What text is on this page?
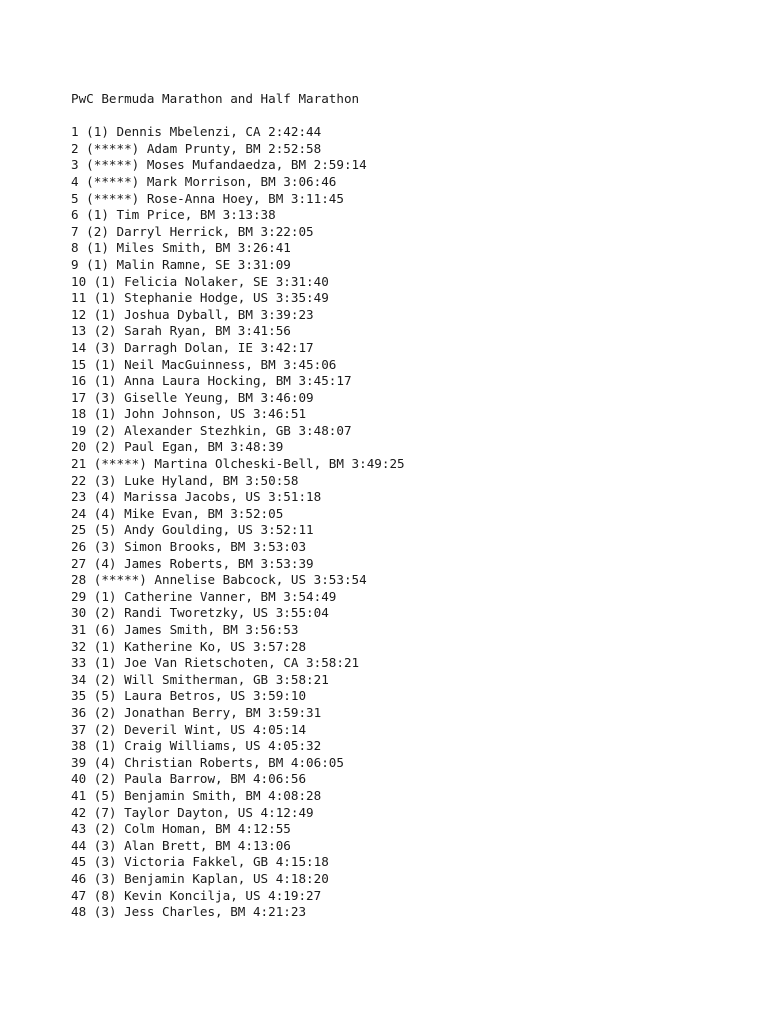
PwC Bermuda Marathon and Half Marathon
1 (1) Dennis Mbelenzi, CA 2:42:44
2 (*****) Adam Prunty, BM 2:52:58
3 (*****) Moses Mufandaedza, BM 2:59:14
4 (*****) Mark Morrison, BM 3:06:46
5 (*****) Rose-Anna Hoey, BM 3:11:45
6 (1) Tim Price, BM 3:13:38
7 (2) Darryl Herrick, BM 3:22:05
8 (1) Miles Smith, BM 3:26:41
9 (1) Malin Ramne, SE 3:31:09
10 (1) Felicia Nolaker, SE 3:31:40
11 (1) Stephanie Hodge, US 3:35:49
12 (1) Joshua Dyball, BM 3:39:23
13 (2) Sarah Ryan, BM 3:41:56
14 (3) Darragh Dolan, IE 3:42:17
15 (1) Neil MacGuinness, BM 3:45:06
16 (1) Anna Laura Hocking, BM 3:45:17
17 (3) Giselle Yeung, BM 3:46:09
18 (1) John Johnson, US 3:46:51
19 (2) Alexander Stezhkin, GB 3:48:07
20 (2) Paul Egan, BM 3:48:39
21 (*****) Martina Olcheski-Bell, BM 3:49:25
22 (3) Luke Hyland, BM 3:50:58
23 (4) Marissa Jacobs, US 3:51:18
24 (4) Mike Evan, BM 3:52:05
25 (5) Andy Goulding, US 3:52:11
26 (3) Simon Brooks, BM 3:53:03
27 (4) James Roberts, BM 3:53:39
28 (*****) Annelise Babcock, US 3:53:54
29 (1) Catherine Vanner, BM 3:54:49
30 (2) Randi Tworetzky, US 3:55:04
31 (6) James Smith, BM 3:56:53
32 (1) Katherine Ko, US 3:57:28
33 (1) Joe Van Rietschoten, CA 3:58:21
34 (2) Will Smitherman, GB 3:58:21
35 (5) Laura Betros, US 3:59:10
36 (2) Jonathan Berry, BM 3:59:31
37 (2) Deveril Wint, US 4:05:14
38 (1) Craig Williams, US 4:05:32
39 (4) Christian Roberts, BM 4:06:05
40 (2) Paula Barrow, BM 4:06:56
41 (5) Benjamin Smith, BM 4:08:28
42 (7) Taylor Dayton, US 4:12:49
43 (2) Colm Homan, BM 4:12:55
44 (3) Alan Brett, BM 4:13:06
45 (3) Victoria Fakkel, GB 4:15:18
46 (3) Benjamin Kaplan, US 4:18:20
47 (8) Kevin Koncilja, US 4:19:27
48 (3) Jess Charles, BM 4:21:23
